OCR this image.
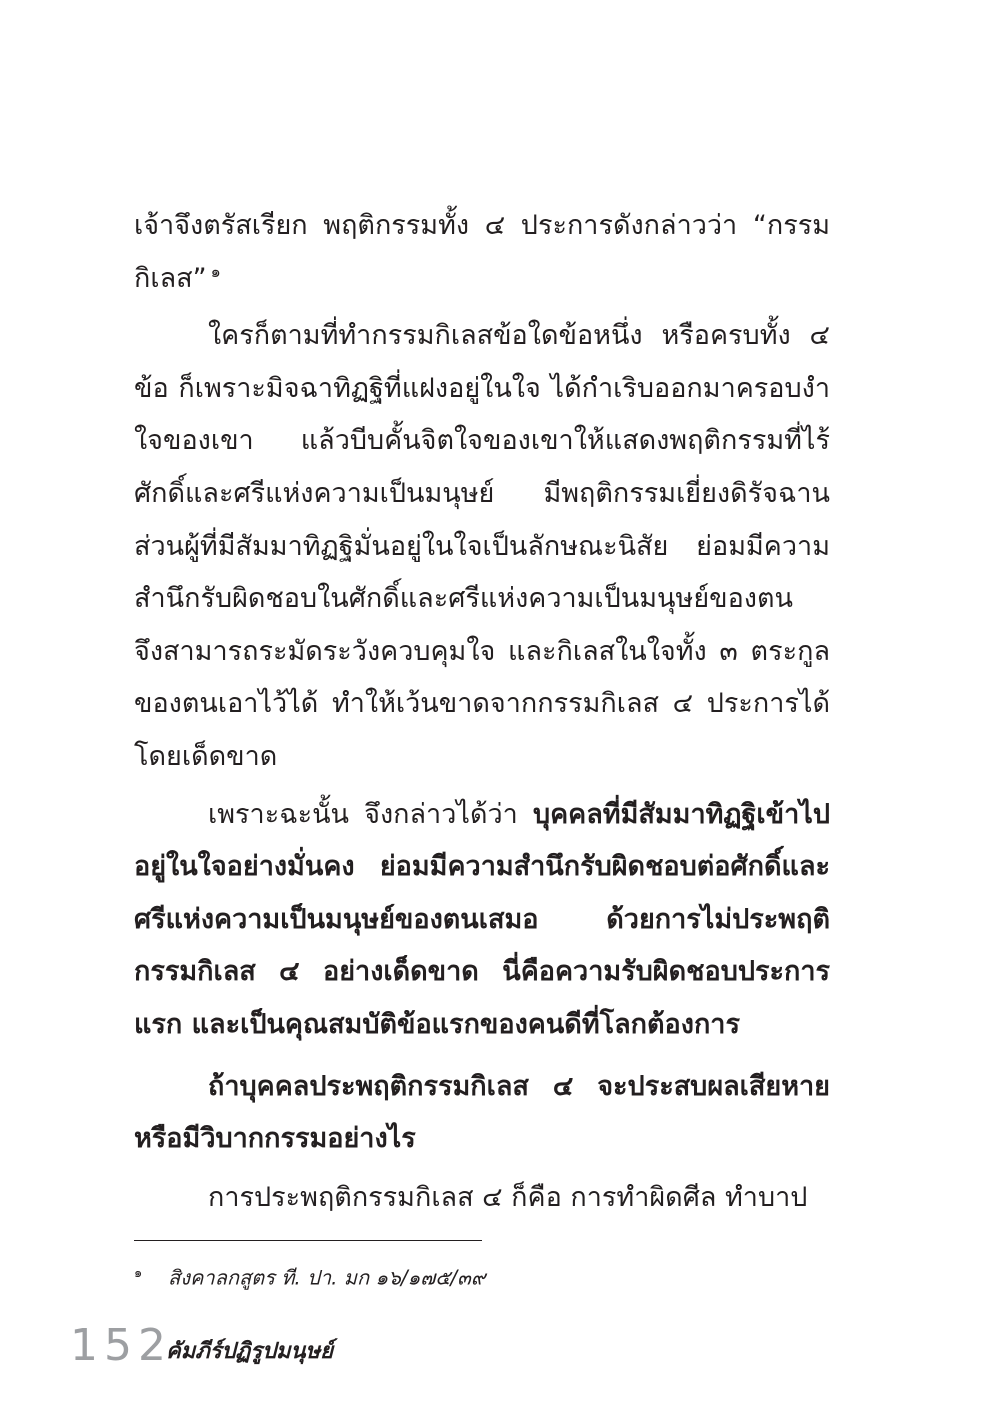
เจ้าจึงตรัสเรียก พฤติกรรมทั้ง ๔ ประการดังกล่าวว่า “กรรมกิเลส” $^๑$

ใครก็ตามที่ทำกรรมกิเลสข้อใดข้อหนึ่ง หรือครบทั้ง ๔ ข้อ ก็เพราะมิจฉาทิฏฐิที่แฝงอยู่ในใจ ได้กำเริบออกมาครอบงำใจของเขา แล้วบีบคั้นจิตใจของเขาให้แสดงพฤติกรรมที่ไร้ศักดิ์และศรีแห่งความเป็นมนุษย์ มีพฤติกรรมเยี่ยงดิรัจฉาน ส่วนผู้ที่มีสัมมาทิฏฐิมั่นอยู่ในใจเป็นลักษณะนิสัย ย่อมมีความสำนึกรับผิดชอบในศักดิ์และศรีแห่งความเป็นมนุษย์ของตน จึงสามารถระมัดระวังควบคุมใจ และกิเลสในใจทั้ง ๓ ตระกูลของตนเอาไว้ได้ ทำให้เว้นขาดจากกรรมกิเลส ๔ ประการได้โดยเด็ดขาด

เพราะฉะนั้น จึงกล่าวได้ว่า บุคคลที่มีสัมมาทิฏฐิเข้าไปอยู่ในใจอย่างมั่นคง ย่อมมีความสำนึกรับผิดชอบต่อศักดิ์และศรีแห่งความเป็นมนุษย์ของตนเสมอ ด้วยการไม่ประพฤติกรรมกิเลส ๔ อย่างเด็ดขาด นี่คือความรับผิดชอบประการแรก และเป็นคุณสมบัติข้อแรกของคนดีที่โลกต้องการ

ถ้าบุคคลประพฤติกรรมกิเลส ๔ จะประสบผลเสียหายหรือมีวิบากกรรมอย่างไร

การประพฤติกรรมกิเลส ๔ ก็คือ การทำผิดศีล ทำบาป

๑ สิงคาลกสูตร ที. ปา. มก ๑๖/๑๗๕/๓๙
152
คัมภีร์ปฏิรูปมนุษย์
